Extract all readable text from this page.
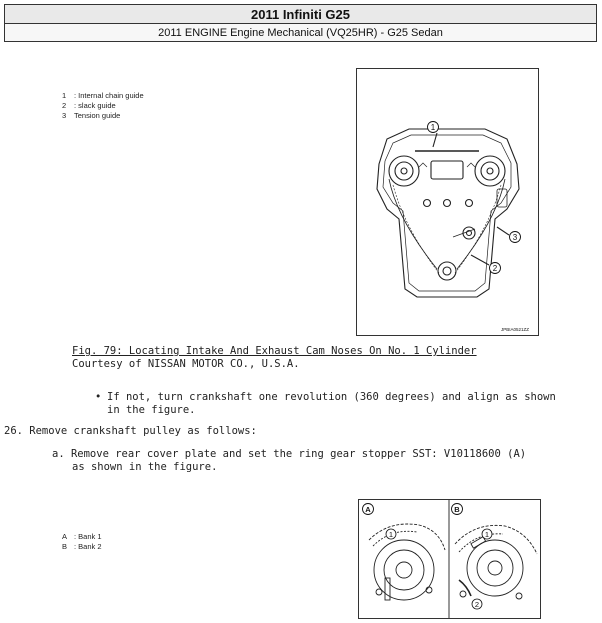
2011 Infiniti G25
2011 ENGINE Engine Mechanical (VQ25HR) - G25 Sedan
1 : Internal chain guide
2 : slack guide
3 Tension guide
1
3
2
JPBIA0521ZZ
Fig. 79: Locating Intake And Exhaust Cam Noses On No. 1 Cylinder
Courtesy of NISSAN MOTOR CO., U.S.A.
• If not, turn crankshaft one revolution (360 degrees) and align as shown
in the figure.
26. Remove crankshaft pulley as follows:
a. Remove rear cover plate and set the ring gear stopper SST: V10118600 (A)
as shown in the figure.
A : Bank 1
B : Bank 2
A	B
1	1
2
